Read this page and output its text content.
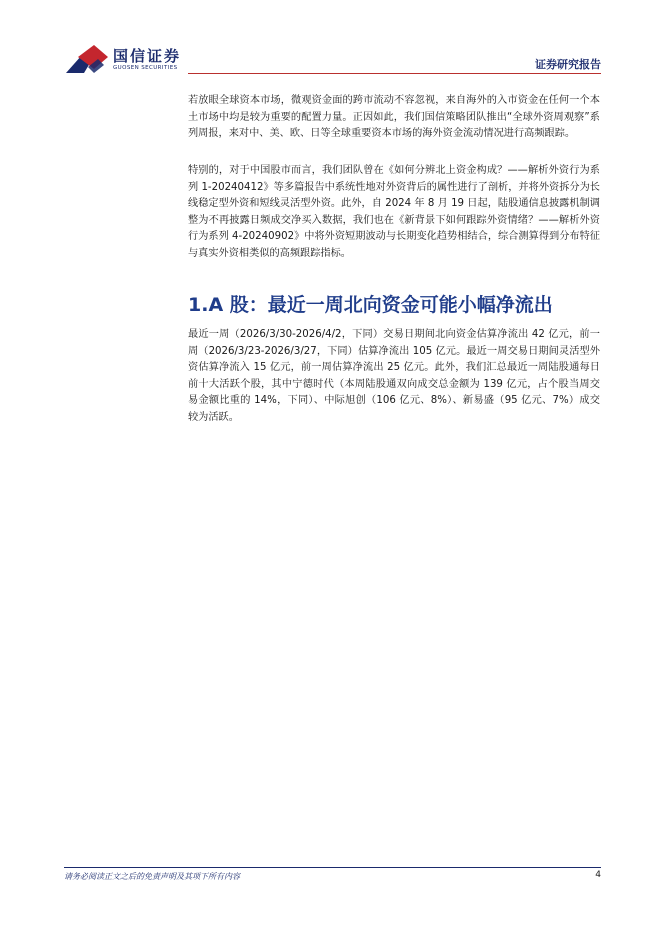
国信证券
GUOSEN SECURITIES	证券研究报告

若放眼全球资本市场，微观资金面的跨市流动不容忽视，来自海外的入市资金在任何一个本土市场中均是较为重要的配置力量。正因如此，我们国信策略团队推出“全球外资周观察”系列周报，来对中、美、欧、日等全球重要资本市场的海外资金流动情况进行高频跟踪。

特别的，对于中国股市而言，我们团队曾在《如何分辨北上资金构成？——解析外资行为系列 1-20240412》等多篇报告中系统性地对外资背后的属性进行了剖析，并将外资拆分为长线稳定型外资和短线灵活型外资。此外，自 2024 年 8 月 19 日起，陆股通信息披露机制调整为不再披露日频成交净买入数据，我们也在《新背景下如何跟踪外资情绪？——解析外资行为系列 4-20240902》中将外资短期波动与长期变化趋势相结合，综合测算得到分布特征与真实外资相类似的高频跟踪指标。

1.A 股：最近一周北向资金可能小幅净流出

最近一周（2026/3/30-2026/4/2，下同）交易日期间北向资金估算净流出 42 亿元，前一周（2026/3/23-2026/3/27，下同）估算净流出 105 亿元。最近一周交易日期间灵活型外资估算净流入 15 亿元，前一周估算净流出 25 亿元。此外，我们汇总最近一周陆股通每日前十大活跃个股，其中宁德时代（本周陆股通双向成交总金额为 139 亿元，占个股当周交易金额比重的 14%，下同）、中际旭创（106 亿元、8%）、新易盛（95 亿元、7%）成交较为活跃。

请务必阅读正文之后的免责声明及其项下所有内容	4
